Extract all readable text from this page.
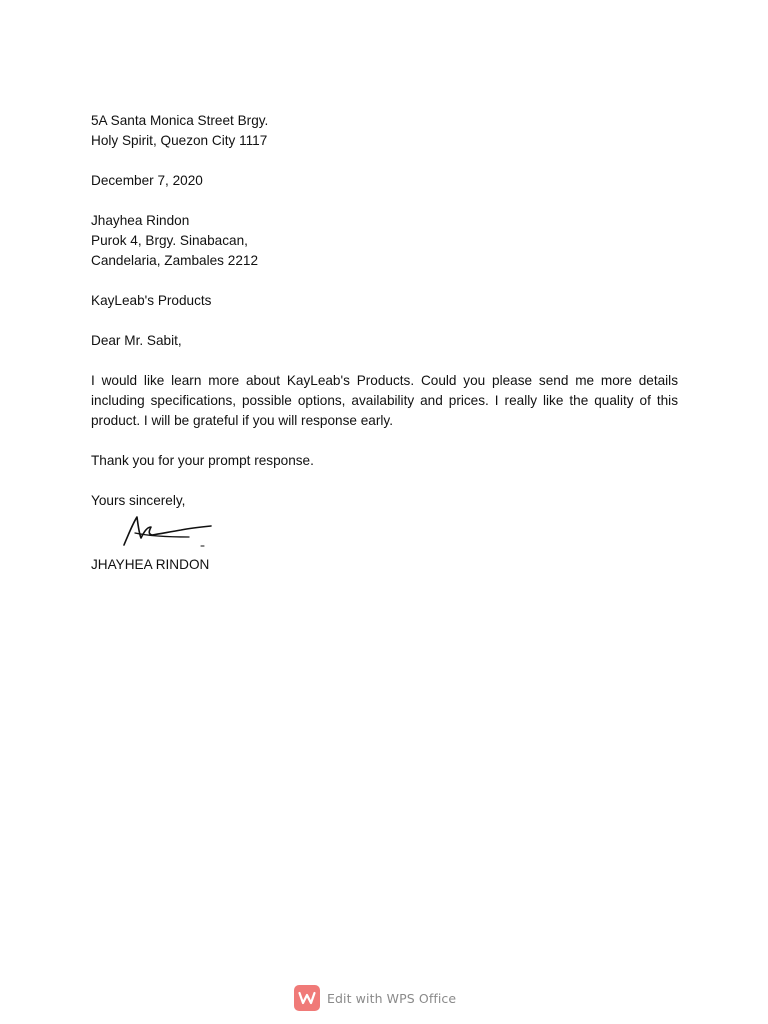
5A Santa Monica Street Brgy.
Holy Spirit, Quezon City 1117
December 7, 2020
Jhayhea Rindon
Purok 4, Brgy. Sinabacan,
Candelaria, Zambales 2212
KayLeab's Products
Dear Mr. Sabit,
I would like learn more about KayLeab's Products. Could you please send me more details including specifications, possible options, availability and prices. I really like the quality of this product. I will be grateful if you will response early.
Thank you for your prompt response.
Yours sincerely,
JHAYHEA RINDON
Edit with WPS Office
